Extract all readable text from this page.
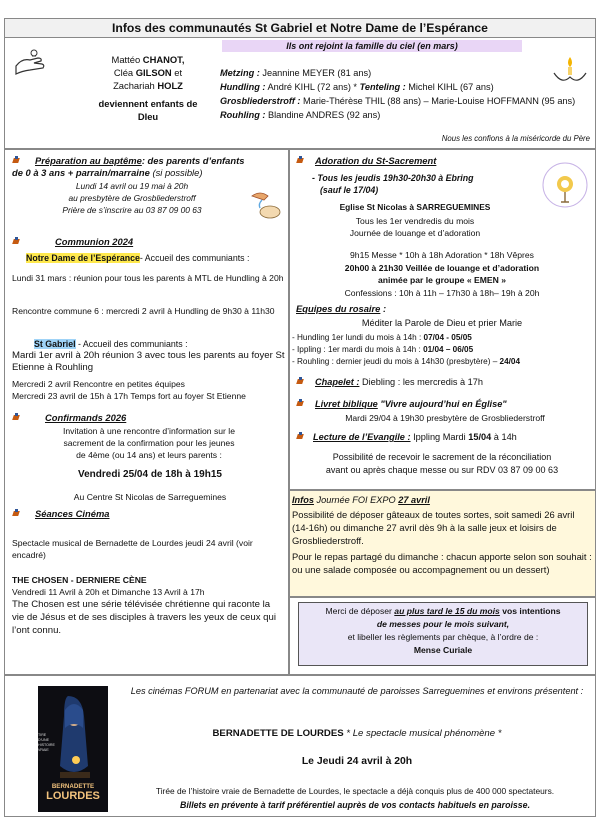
Infos des communautés St Gabriel et Notre Dame de l’Espérance
Mattéo CHANOT,
Cléa GILSON et
Zachariah HOLZ
deviennent enfants de
DIeu
Ils ont rejoint la famille du ciel (en mars)
Metzing : Jeannine MEYER (81 ans)
Hundling : André KIHL (72 ans) * Tenteling : Michel KIHL (67 ans)
Grosbliederstroff : Marie-Thérèse THIL (88 ans) – Marie-Louise HOFFMANN (95 ans)
Rouhling : Blandine ANDRES (92 ans)
Nous les confions à la miséricorde du Père
Préparation au baptême: des parents d’enfants
de 0 à 3 ans + parrain/marraine (si possible)
Lundi 14 avril ou 19 mai à 20h
au presbytère de Grosbliederstroff
Prière de s’inscrire au 03 87 09 00 63
Communion 2024
Notre Dame de l’Espérance- Accueil des communiants :
Lundi 31 mars : réunion pour tous les parents à MTL de Hundling à 20h
Rencontre commune 6 : mercredi 2 avril à Hundling de 9h30 à 11h30
St Gabriel - Accueil des communiants :
Mardi 1er avril à 20h réunion 3 avec tous les parents au foyer St Etienne à Rouhling
Mercredi 2 avril Rencontre en petites équipes
Mercredi 23 avril de 15h à 17h Temps fort au foyer St Etienne
Confirmands 2026
Invitation à une rencontre d’information sur le
sacrement de la confirmation pour les jeunes
de 4ème (ou 14 ans) et leurs parents :
Vendredi 25/04 de 18h à 19h15
Au Centre St Nicolas de Sarreguemines
Séances Cinéma
Spectacle musical de Bernadette de Lourdes jeudi 24 avril (voir encadré)
THE CHOSEN - DERNIERE CÈNE
Vendredi 11 Avril à 20h et Dimanche 13 Avril à 17h
The Chosen est une série télévisée chrétienne qui raconte la vie de Jésus et de ses disciples à travers les yeux de ceux qui l’ont connu.
Adoration du St-Sacrement
- Tous les jeudis 19h30-20h30 à Ebring
(sauf le 17/04)
Eglise St Nicolas à SARREGUEMINES
Tous les 1er vendredis du mois
Journée de louange et d’adoration
9h15 Messe * 10h à 18h Adoration * 18h Vêpres
20h00 à 21h30 Veillée de louange et d’adoration
animée par le groupe « EMEN »
Confessions : 10h à 11h – 17h30 à 18h– 19h à 20h
Equipes du rosaire :
Méditer la Parole de Dieu et prier Marie
- Hundling 1er lundi du mois à 14h : 07/04 - 05/05
- Ippling : 1er mardi du mois à 14h : 01/04 – 06/05
- Rouhling : dernier jeudi du mois à 14h30 (presbytère) – 24/04
Chapelet : Diebling : les mercredis à 17h
Livret biblique "Vivre aujourd’hui en Église"
Mardi 29/04 à 19h30 presbytère de Grosbliederstroff
Lecture de l’Evangile : Ippling Mardi 15/04 à 14h
Possibilité de recevoir le sacrement de la réconciliation
avant ou après chaque messe ou sur RDV 03 87 09 00 63
Infos Journée FOI EXPO 27 avril
Possibilité de déposer gâteaux de toutes sortes, soit samedi 26 avril (14-16h) ou dimanche 27 avril dès 9h à la salle jeux et loisirs de Grosbliederstroff.
Pour le repas partagé du dimanche : chacun apporte selon son souhait : ou une salade composée ou accompagnement ou un dessert)
Merci de déposer au plus tard le 15 du mois vos intentions
de messes pour le mois suivant,
et libeller les règlements par chèque, à l’ordre de :
Mense Curiale
TIRE D’UNE HISTOIRE VRAIE
BERNADETTE
LOURDES
Les cinémas FORUM en partenariat avec la communauté de paroisses Sarreguemines et environs présentent :
BERNADETTE DE LOURDES * Le spectacle musical phénomène *
Le Jeudi 24 avril à 20h
Tirée de l’histoire vraie de Bernadette de Lourdes, le spectacle a déjà conquis plus de 400 000 spectateurs.
Billets en prévente à tarif préférentiel auprès de vos contacts habituels en paroisse.
